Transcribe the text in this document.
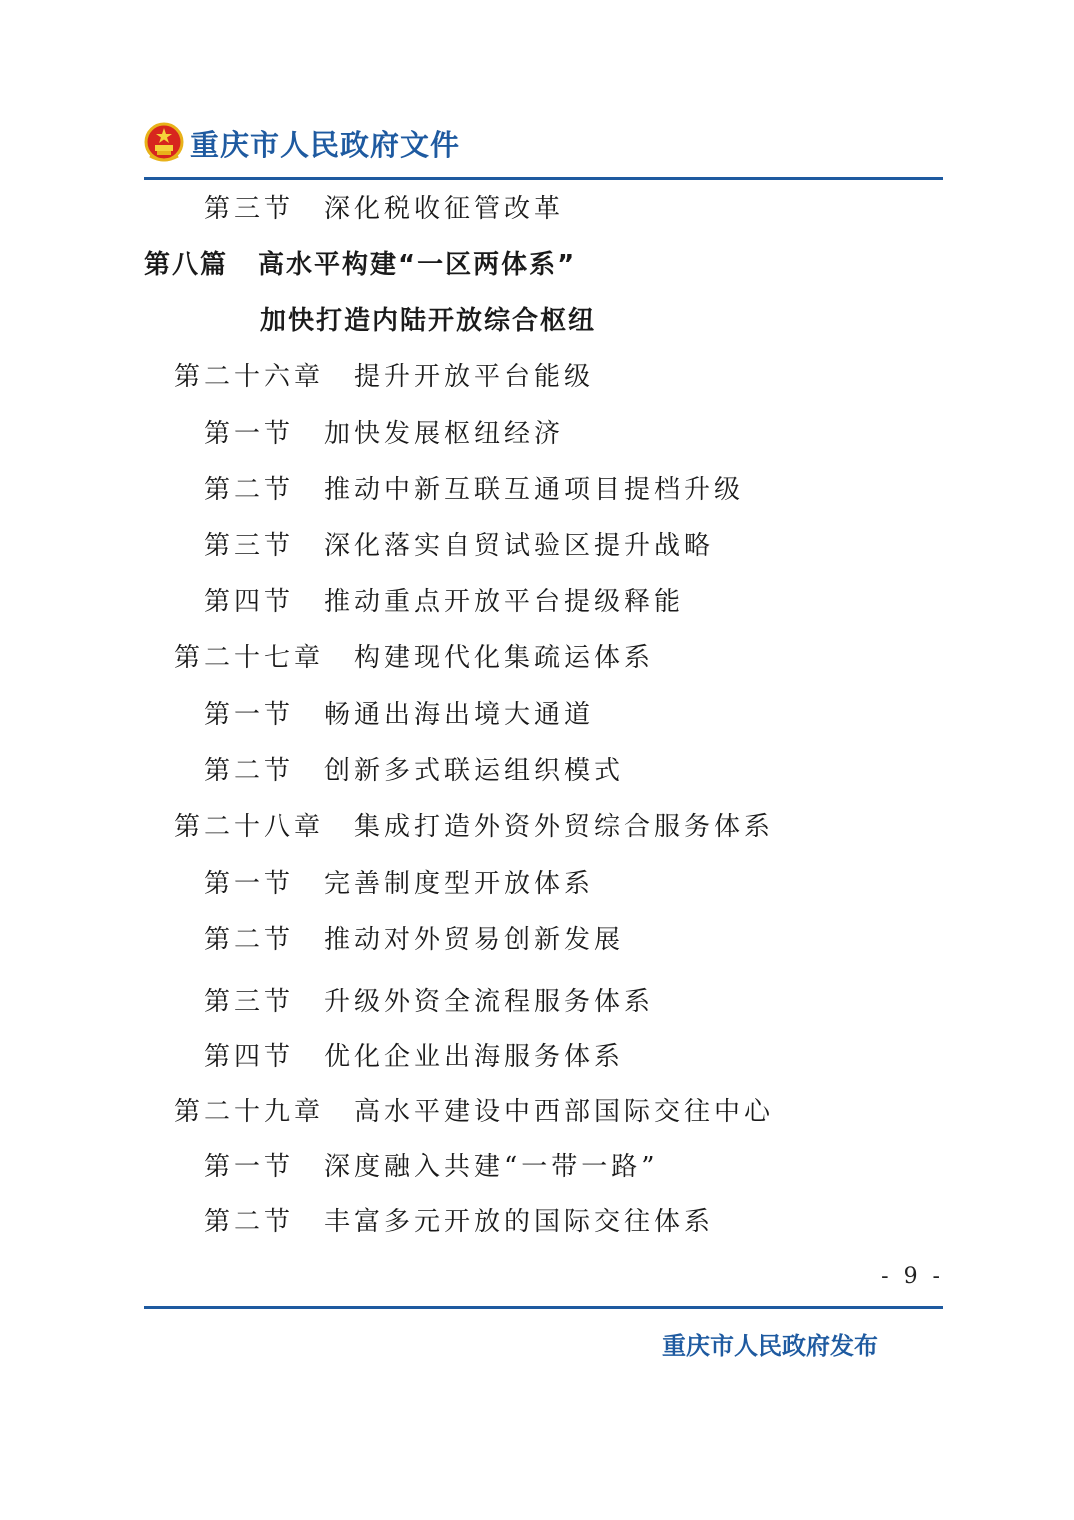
重庆市人民政府文件
第三节 深化税收征管改革
第八篇 高水平构建“一区两体系”
加快打造内陆开放综合枢纽
第二十六章 提升开放平台能级
第一节 加快发展枢纽经济
第二节 推动中新互联互通项目提档升级
第三节 深化落实自贸试验区提升战略
第四节 推动重点开放平台提级释能
第二十七章 构建现代化集疏运体系
第一节 畅通出海出境大通道
第二节 创新多式联运组织模式
第二十八章 集成打造外资外贸综合服务体系
第一节 完善制度型开放体系
第二节 推动对外贸易创新发展
第三节 升级外资全流程服务体系
第四节 优化企业出海服务体系
第二十九章 高水平建设中西部国际交往中心
第一节 深度融入共建“一带一路”
第二节 丰富多元开放的国际交往体系
- 9 -
重庆市人民政府发布
